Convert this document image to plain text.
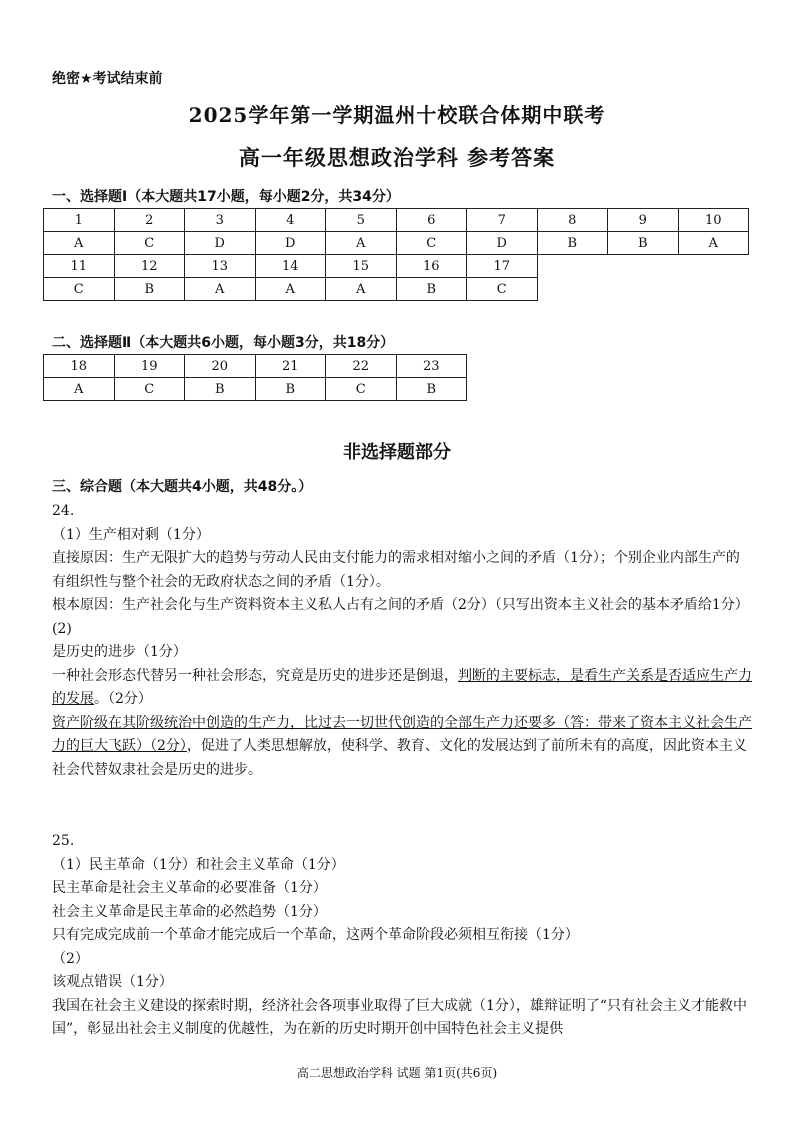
绝密★考试结束前
2025学年第一学期温州十校联合体期中联考
高一年级思想政治学科 参考答案
一、选择题Ⅰ（本大题共17小题，每小题2分，共34分）
1	2	3	4	5	6	7	8	9	10
A	C	D	D	A	C	D	B	B	A
11	12	13	14	15	16	17			
C	B	A	A	A	B	C			
二、选择题Ⅱ（本大题共6小题，每小题3分，共18分）
18	19	20	21	22	23
A	C	B	B	C	B
非选择题部分
三、综合题（本大题共4小题，共48分。）

24.

（1）生产相对剩（1分）

直接原因：生产无限扩大的趋势与劳动人民由支付能力的需求相对缩小之间的矛盾（1分）；个别企业内部生产的有组织性与整个社会的无政府状态之间的矛盾（1分）。

根本原因：生产社会化与生产资料资本主义私人占有之间的矛盾（2分）（只写出资本主义社会的基本矛盾给1分）

(2)

是历史的进步（1分）

一种社会形态代替另一种社会形态，究竟是历史的进步还是倒退，判断的主要标志，是看生产关系是否适应生产力的发展。（2分）

资产阶级在其阶级统治中创造的生产力，比过去一切世代创造的全部生产力还要多（答：带来了资本主义社会生产力的巨大飞跃）（2分），促进了人类思想解放，使科学、教育、文化的发展达到了前所未有的高度，因此资本主义社会代替奴隶社会是历史的进步。

25.

（1）民主革命（1分）和社会主义革命（1分）

民主革命是社会主义革命的必要准备（1分）

社会主义革命是民主革命的必然趋势（1分）

只有完成完成前一个革命才能完成后一个革命，这两个革命阶段必须相互衔接（1分）

（2）

该观点错误（1分）

我国在社会主义建设的探索时期，经济社会各项事业取得了巨大成就（1分），雄辩证明了“只有社会主义才能救中国”，彰显出社会主义制度的优越性，为在新的历史时期开创中国特色社会主义提供

高二思想政治学科 试题 第1页(共6页)
